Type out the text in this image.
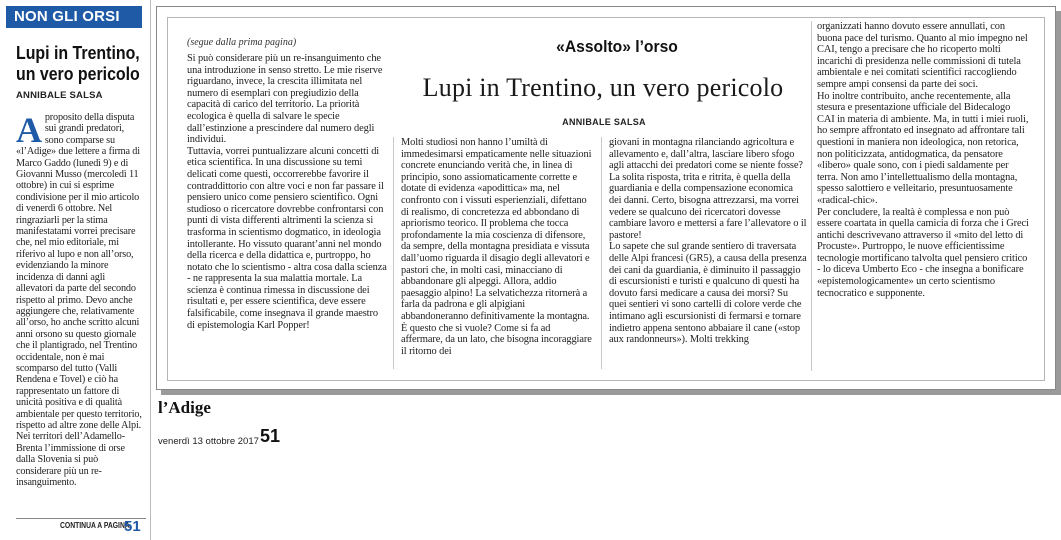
NON GLI ORSI
Lupi in Trentino,
un vero pericolo
ANNIBALE SALSA
Aproposito della disputa sui grandi predatori, sono comparse su «l’Adige» due lettere a firma di Marco Gaddo (lunedì 9) e di Giovanni Musso (mercoledì 11 ottobre) in cui si esprime condivisione per il mio articolo di venerdì 6 ottobre. Nel ringraziarli per la stima manifestatami vorrei precisare che, nel mio editoriale, mi riferivo al lupo e non all’orso, evidenziando la minore incidenza di danni agli allevatori da parte del secondo rispetto al primo. Devo anche aggiungere che, relativamente all’orso, ho anche scritto alcuni anni orsono su questo giornale che il plantigrado, nel Trentino occidentale, non è mai scomparso del tutto (Valli Rendena e Tovel) e ciò ha rappresentato un fattore di unicità positiva e di qualità ambientale per questo territorio, rispetto ad altre zone delle Alpi. Nei territori dell’Adamello-Brenta l’immissione di orse dalla Slovenia si può considerare più un re-insanguimento.
CONTINUA A PAGINA
51
(segue dalla prima pagina)	«Assolto» l’orso
Lupi in Trentino, un vero pericolo
ANNIBALE SALSA
Si può considerare più un re-insanguimento che una introduzione in senso stretto. Le mie riserve riguardano, invece, la crescita illimitata nel numero di esemplari con pregiudizio della capacità di carico del territorio. La priorità ecologica è quella di salvare le specie dall’estinzione a prescindere dal numero degli individui.
Tuttavia, vorrei puntualizzare alcuni concetti di etica scientifica. In una discussione su temi delicati come questi, occorrerebbe favorire il contraddittorio con altre voci e non far passare il pensiero unico come pensiero scientifico. Ogni studioso o ricercatore dovrebbe confrontarsi con punti di vista differenti altrimenti la scienza si trasforma in scientismo dogmatico, in ideologia intollerante. Ho vissuto quarant’anni nel mondo della ricerca e della didattica e, purtroppo, ho notato che lo scientismo - altra cosa dalla scienza - ne rappresenta la sua malattia mortale. La scienza è continua rimessa in discussione dei risultati e, per essere scientifica, deve essere falsificabile, come insegnava il grande maestro di epistemologia Karl Popper!
Molti studiosi non hanno l’umiltà di immedesimarsi empaticamente nelle situazioni concrete enunciando verità che, in linea di principio, sono assiomaticamente corrette e dotate di evidenza «apodittica» ma, nel confronto con i vissuti esperienziali, difettano di realismo, di concretezza ed abbondano di apriorismo teorico. Il problema che tocca profondamente la mia coscienza di difensore, da sempre, della montagna presidiata e vissuta dall’uomo riguarda il disagio degli allevatori e pastori che, in molti casi, minacciano di abbandonare gli alpeggi. Allora, addio paesaggio alpino! La selvatichezza ritornerà a farla da padrona e gli alpigiani abbandoneranno definitivamente la montagna. È questo che si vuole? Come si fa ad affermare, da un lato, che bisogna incoraggiare il ritorno dei
giovani in montagna rilanciando agricoltura e allevamento e, dall’altra, lasciare libero sfogo agli attacchi dei predatori come se niente fosse? La solita risposta, trita e ritrita, è quella della guardiania e della compensazione economica dei danni. Certo, bisogna attrezzarsi, ma vorrei vedere se qualcuno dei ricercatori dovesse cambiare lavoro e mettersi a fare l’allevatore o il pastore!
Lo sapete che sul grande sentiero di traversata delle Alpi francesi (GR5), a causa della presenza dei cani da guardiania, è diminuito il passaggio di escursionisti e turisti e qualcuno di questi ha dovuto farsi medicare a causa dei morsi? Su quei sentieri vi sono cartelli di colore verde che intimano agli escursionisti di fermarsi e tornare indietro appena sentono abbaiare il cane («stop aux randonneurs»). Molti trekking
organizzati hanno dovuto essere annullati, con buona pace del turismo. Quanto al mio impegno nel CAI, tengo a precisare che ho ricoperto molti incarichi di presidenza nelle commissioni di tutela ambientale e nei comitati scientifici raccogliendo sempre ampi consensi da parte dei soci.
Ho inoltre contribuito, anche recentemente, alla stesura e presentazione ufficiale del Bidecalogo CAI in materia di ambiente. Ma, in tutti i miei ruoli, ho sempre affrontato ed insegnato ad affrontare tali questioni in maniera non ideologica, non retorica, non politicizzata, antidogmatica, da pensatore «libero» quale sono, con i piedi saldamente per terra. Non amo l’intellettualismo della montagna, spesso salottiero e velleitario, presuntuosamente «radical-chic».
Per concludere, la realtà è complessa e non può essere coartata in quella camicia di forza che i Greci antichi descrivevano attraverso il «mito del letto di Procuste». Purtroppo, le nuove efficientissime tecnologie mortificano talvolta quel pensiero critico - lo diceva Umberto Eco - che insegna a bonificare «epistemologicamente» un certo scientismo tecnocratico e supponente.
l’Adige
venerdì 13 ottobre 2017 51
